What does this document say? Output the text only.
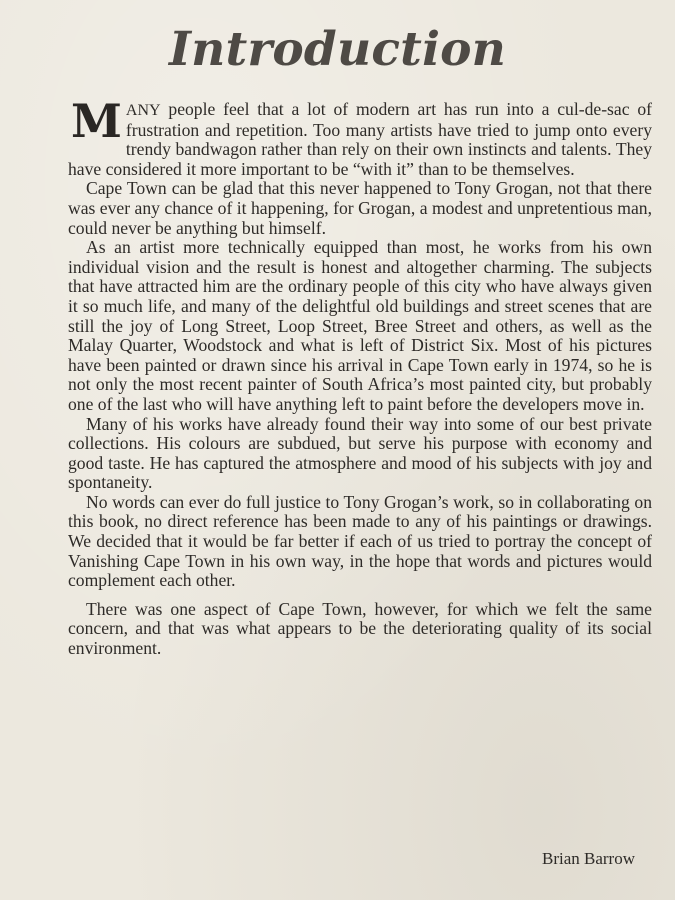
Introduction

MANY people feel that a lot of modern art has run into a cul-de-sac of frustration and repetition. Too many artists have tried to jump onto every trendy bandwagon rather than rely on their own instincts and talents. They have considered it more important to be “with it” than to be themselves.

Cape Town can be glad that this never happened to Tony Grogan, not that there was ever any chance of it happening, for Grogan, a modest and unpretentious man, could never be anything but himself.

As an artist more technically equipped than most, he works from his own individual vision and the result is honest and altogether charming. The subjects that have attracted him are the ordinary people of this city who have always given it so much life, and many of the delightful old buildings and street scenes that are still the joy of Long Street, Loop Street, Bree Street and others, as well as the Malay Quarter, Woodstock and what is left of District Six. Most of his pictures have been painted or drawn since his arrival in Cape Town early in 1974, so he is not only the most recent painter of South Africa’s most painted city, but probably one of the last who will have anything left to paint before the developers move in.

Many of his works have already found their way into some of our best private collections. His colours are subdued, but serve his purpose with economy and good taste. He has captured the atmosphere and mood of his subjects with joy and spontaneity.

No words can ever do full justice to Tony Grogan’s work, so in collaborating on this book, no direct reference has been made to any of his paintings or drawings. We decided that it would be far better if each of us tried to portray the concept of Vanishing Cape Town in his own way, in the hope that words and pictures would complement each other.

There was one aspect of Cape Town, however, for which we felt the same concern, and that was what appears to be the deteriorating quality of its social environment.

Brian Barrow
